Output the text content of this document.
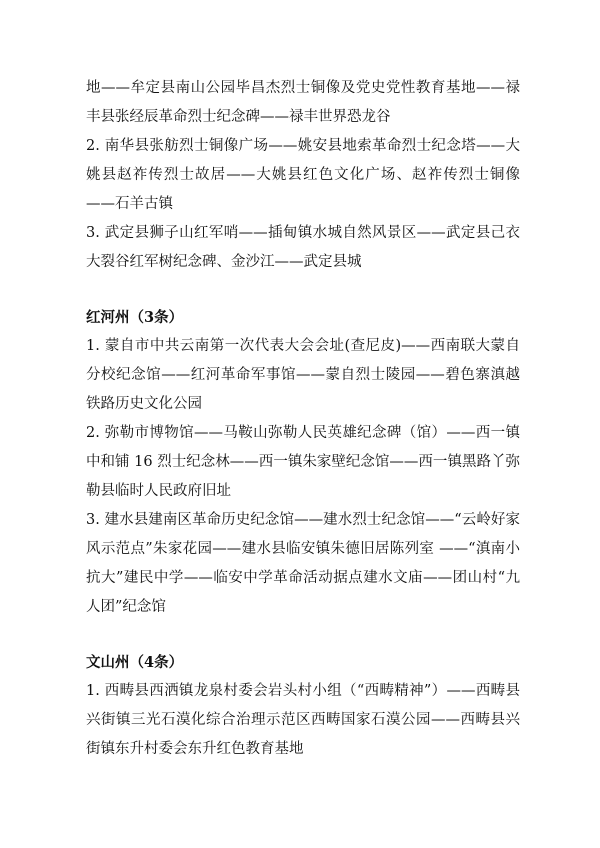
地——牟定县南山公园毕昌杰烈士铜像及党史党性教育基地——禄丰县张经辰革命烈士纪念碑——禄丰世界恐龙谷

2. 南华县张舫烈士铜像广场——姚安县地索革命烈士纪念塔——大姚县赵祚传烈士故居——大姚县红色文化广场、赵祚传烈士铜像——石羊古镇

3. 武定县狮子山红军哨——插甸镇水城自然风景区——武定县己衣大裂谷红军树纪念碑、金沙江——武定县城

红河州（3条）

1. 蒙自市中共云南第一次代表大会会址(查尼皮)——西南联大蒙自分校纪念馆——红河革命军事馆——蒙自烈士陵园——碧色寨滇越铁路历史文化公园

2. 弥勒市博物馆——马鞍山弥勒人民英雄纪念碑（馆）——西一镇中和铺 16 烈士纪念林——西一镇朱家壁纪念馆——西一镇黑路丫弥勒县临时人民政府旧址

3. 建水县建南区革命历史纪念馆——建水烈士纪念馆——“云岭好家风示范点”朱家花园——建水县临安镇朱德旧居陈列室 ——“滇南小抗大”建民中学——临安中学革命活动据点建水文庙——团山村“九人团”纪念馆

文山州（4条）

1. 西畴县西洒镇龙泉村委会岩头村小组（“西畴精神”）——西畴县兴街镇三光石漠化综合治理示范区西畴国家石漠公园——西畴县兴街镇东升村委会东升红色教育基地
